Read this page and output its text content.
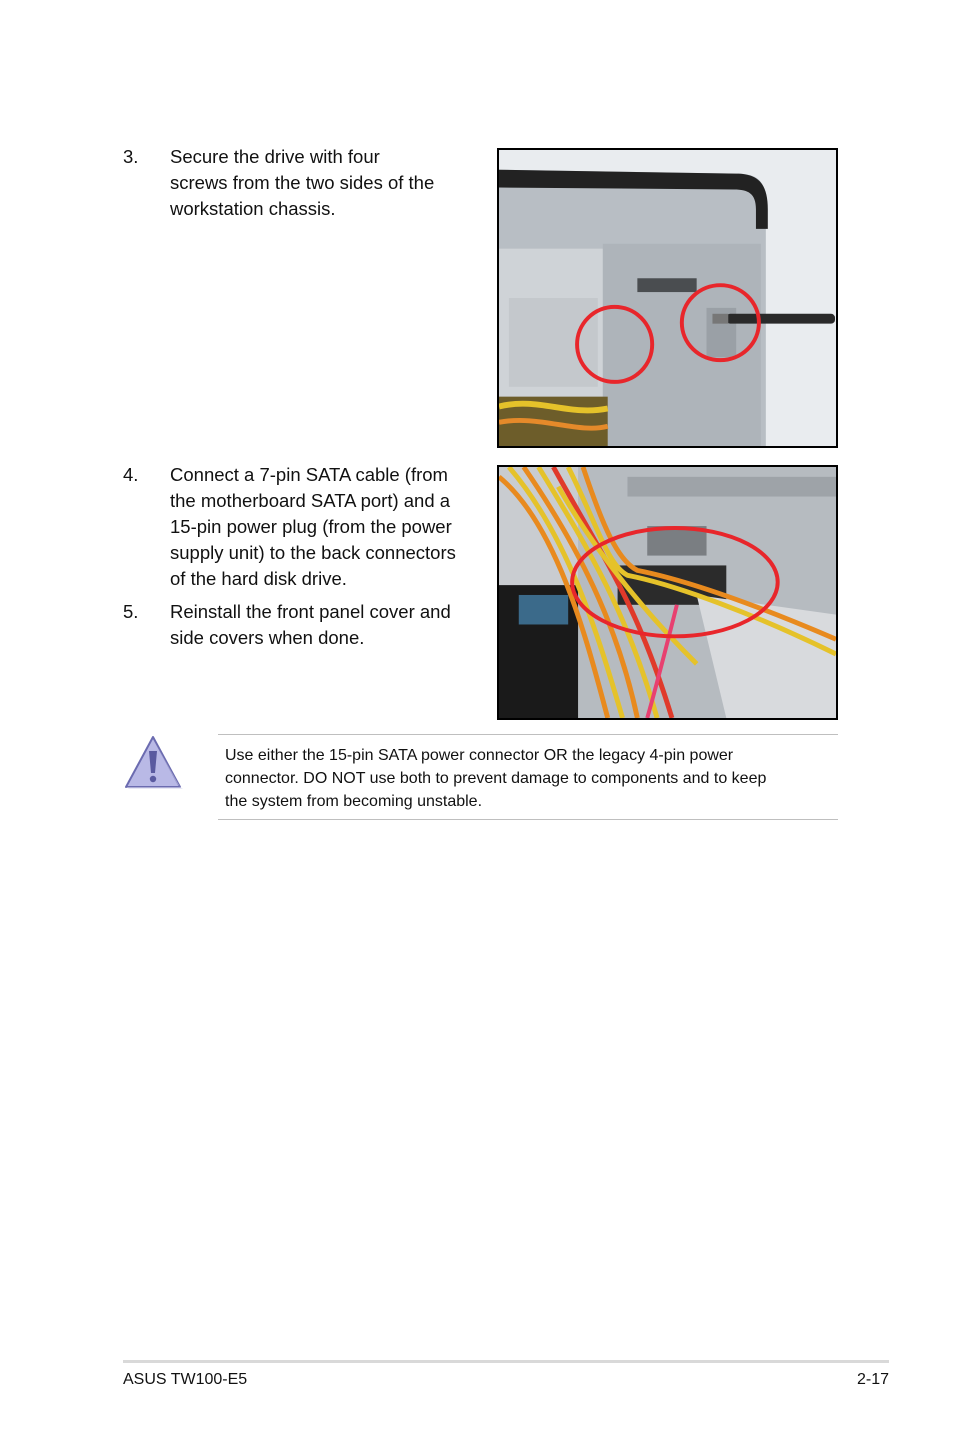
3. Secure the drive with four
screws from the two sides of the
workstation chassis.
4. Connect a 7-pin SATA cable (from
the motherboard SATA port) and a
15-pin power plug (from the power
supply unit) to the back connectors
of the hard disk drive.
5. Reinstall the front panel cover and
side covers when done.
Use either the 15-pin SATA power connector OR the legacy 4-pin power
connector. DO NOT use both to prevent damage to components and to keep
the system from becoming unstable.
ASUS TW100-E5	2-17
